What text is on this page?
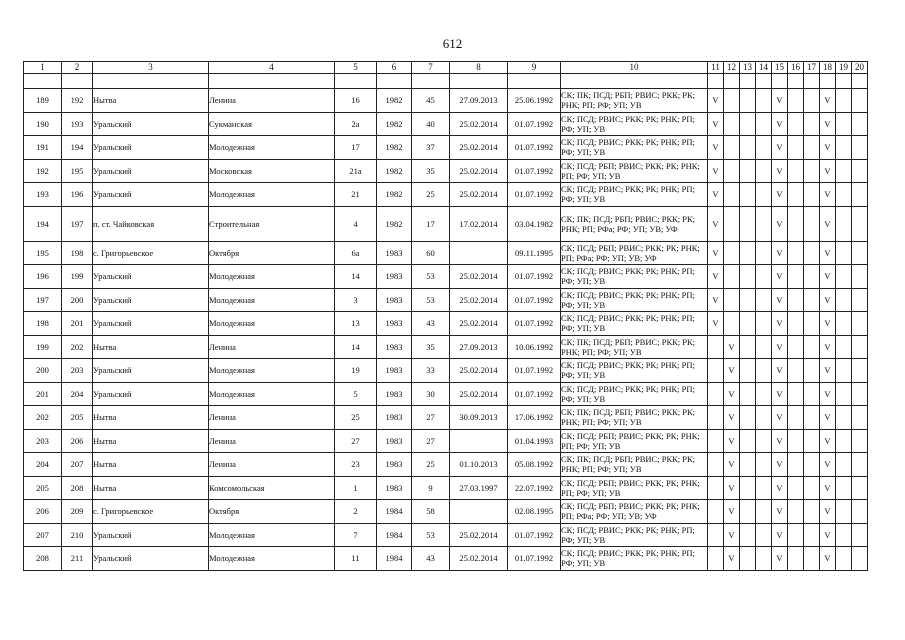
612
1	2	3	4	5	6	7	8	9	10	11	12	13	14	15	16	17	18	19	20

189	192	Нытва	Ленина	16	1982	45	27.09.2013	25.06.1992	СК; ПК; ПСД; РБП; РВИС; РКК; РК; РНК; РП; РФ; УП; УВ	V				V			V		
190	193	Уральский	Сукманская	2а	1982	40	25.02.2014	01.07.1992	СК; ПСД; РВИС; РКК; РК; РНК; РП; РФ; УП; УВ	V				V			V		
191	194	Уральский	Молодежная	17	1982	37	25.02.2014	01.07.1992	СК; ПСД; РВИС; РКК; РК; РНК; РП; РФ; УП; УВ	V				V			V		
192	195	Уральский	Московская	21а	1982	35	25.02.2014	01.07.1992	СК; ПСД; РБП; РВИС; РКК; РК; РНК; РП; РФ; УП; УВ	V				V			V		
193	196	Уральский	Молодежная	21	1982	25	25.02.2014	01.07.1992	СК; ПСД; РВИС; РКК; РК; РНК; РП; РФ; УП; УВ	V				V			V		
194	197	п. ст. Чайковская	Строительная	4	1982	17	17.02.2014	03.04.1982	СК; ПК; ПСД; РБП; РВИС; РКК; РК; РНК; РП; РФа; РФ; УП; УВ; УФ	V				V			V		
195	198	с. Григорьевское	Октября	6а	1983	60		09.11.1995	СК; ПСД; РБП; РВИС; РКК; РК; РНК; РП; РФа; РФ; УП; УВ; УФ	V				V			V		
196	199	Уральский	Молодежная	14	1983	53	25.02.2014	01.07.1992	СК; ПСД; РВИС; РКК; РК; РНК; РП; РФ; УП; УВ	V				V			V		
197	200	Уральский	Молодежная	3	1983	53	25.02.2014	01.07.1992	СК; ПСД; РВИС; РКК; РК; РНК; РП; РФ; УП; УВ	V				V			V		
198	201	Уральский	Молодежная	13	1983	43	25.02.2014	01.07.1992	СК; ПСД; РВИС; РКК; РК; РНК; РП; РФ; УП; УВ	V				V			V		
199	202	Нытва	Ленина	14	1983	35	27.09.2013	10.06.1992	СК; ПК; ПСД; РБП; РВИС; РКК; РК; РНК; РП; РФ; УП; УВ		V			V			V		
200	203	Уральский	Молодежная	19	1983	33	25.02.2014	01.07.1992	СК; ПСД; РВИС; РКК; РК; РНК; РП; РФ; УП; УВ		V			V			V		
201	204	Уральский	Молодежная	5	1983	30	25.02.2014	01.07.1992	СК; ПСД; РВИС; РКК; РК; РНК; РП; РФ; УП; УВ		V			V			V		
202	205	Нытва	Ленина	25	1983	27	30.09.2013	17.06.1992	СК; ПК; ПСД; РБП; РВИС; РКК; РК; РНК; РП; РФ; УП; УВ		V			V			V		
203	206	Нытва	Ленина	27	1983	27		01.04.1993	СК; ПСД; РБП; РВИС; РКК; РК; РНК; РП; РФ; УП; УВ		V			V			V		
204	207	Нытва	Ленина	23	1983	25	01.10.2013	05.08.1992	СК; ПК; ПСД; РБП; РВИС; РКК; РК; РНК; РП; РФ; УП; УВ		V			V			V		
205	208	Нытва	Комсомольская	1	1983	9	27.03.1997	22.07.1992	СК; ПСД; РБП; РВИС; РКК; РК; РНК; РП; РФ; УП; УВ		V			V			V		
206	209	с. Григорьевское	Октября	2	1984	58		02.08.1995	СК; ПСД; РБП; РВИС; РКК; РК; РНК; РП; РФа; РФ; УП; УВ; УФ		V			V			V		
207	210	Уральский	Молодежная	7	1984	53	25.02.2014	01.07.1992	СК; ПСД; РВИС; РКК; РК; РНК; РП; РФ; УП; УВ		V			V			V		
208	211	Уральский	Молодежная	11	1984	43	25.02.2014	01.07.1992	СК; ПСД; РВИС; РКК; РК; РНК; РП; РФ; УП; УВ		V			V			V		
